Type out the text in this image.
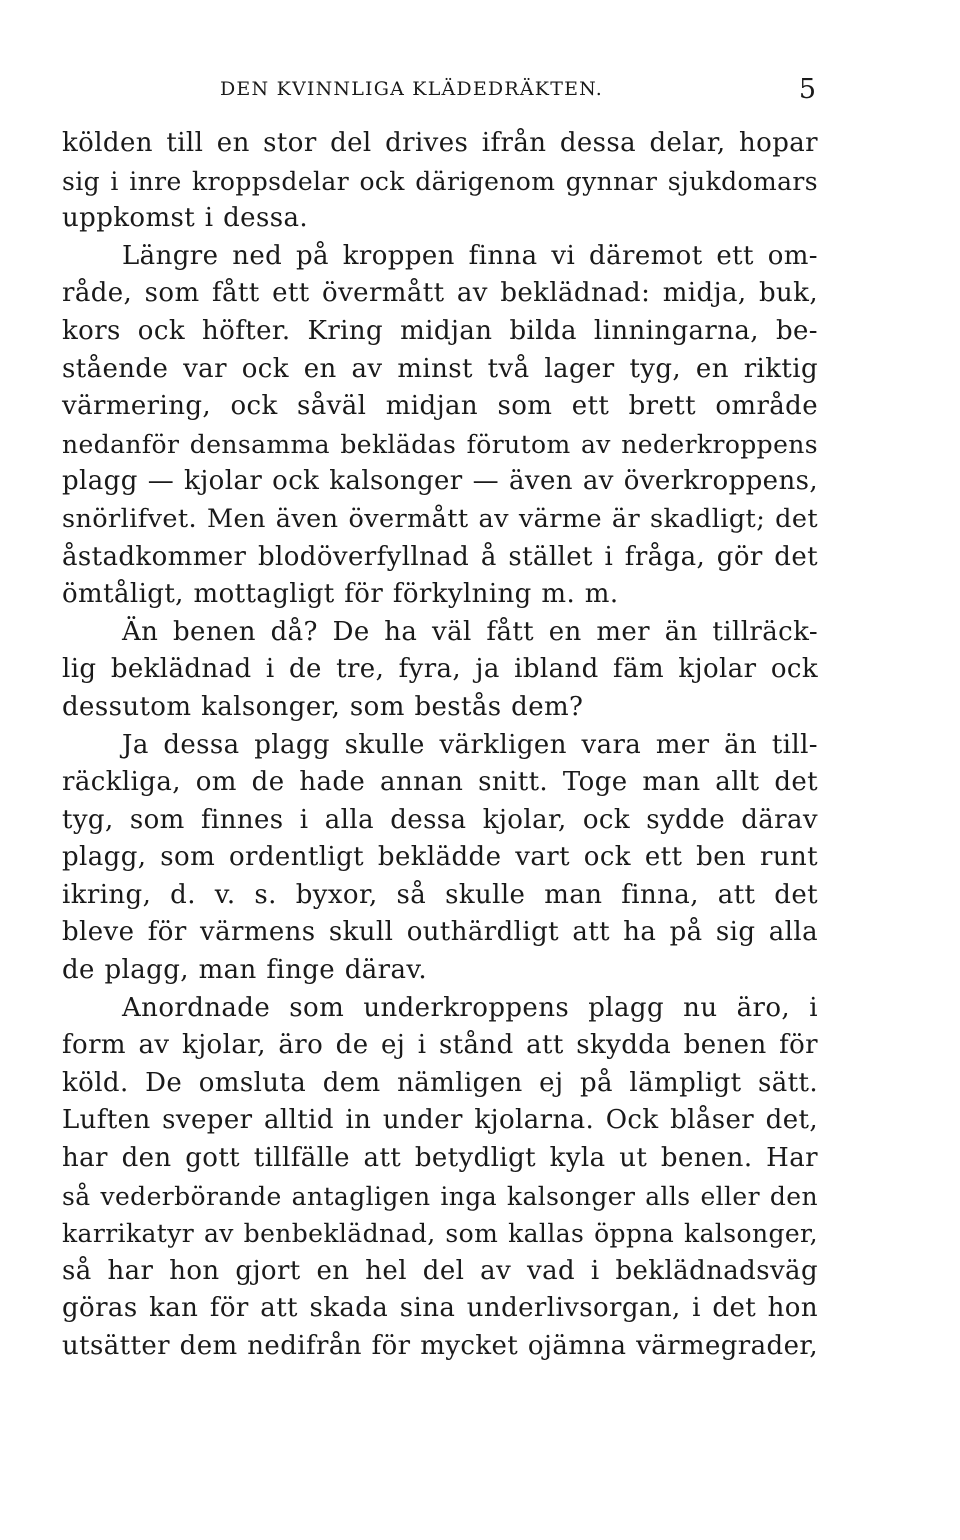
DEN KVINNLIGA KLÄDEDRÄKTEN.	5
kölden till en stor del drives ifrån dessa delar, hopar
sig i inre kroppsdelar ock därigenom gynnar sjukdomars
uppkomst i dessa.
Längre ned på kroppen finna vi däremot ett om-
råde, som fått ett övermått av beklädnad: midja, buk,
kors ock höfter. Kring midjan bilda linningarna, be-
stående var ock en av minst två lager tyg, en riktig
värmering, ock såväl midjan som ett brett område
nedanför densamma beklädas förutom av nederkroppens
plagg — kjolar ock kalsonger — även av överkroppens,
snörlifvet. Men även övermått av värme är skadligt; det
åstadkommer blodöverfyllnad å stället i fråga, gör det
ömtåligt, mottagligt för förkylning m. m.
Än benen då? De ha väl fått en mer än tillräck-
lig beklädnad i de tre, fyra, ja ibland fäm kjolar ock
dessutom kalsonger, som bestås dem?
Ja dessa plagg skulle värkligen vara mer än till-
räckliga, om de hade annan snitt. Toge man allt det
tyg, som finnes i alla dessa kjolar, ock sydde därav
plagg, som ordentligt beklädde vart ock ett ben runt
ikring, d. v. s. byxor, så skulle man finna, att det
bleve för värmens skull outhärdligt att ha på sig alla
de plagg, man finge därav.
Anordnade som underkroppens plagg nu äro, i
form av kjolar, äro de ej i stånd att skydda benen för
köld. De omsluta dem nämligen ej på lämpligt sätt.
Luften sveper alltid in under kjolarna. Ock blåser det,
har den gott tillfälle att betydligt kyla ut benen. Har
så vederbörande antagligen inga kalsonger alls eller den
karrikatyr av benbeklädnad, som kallas öppna kalsonger,
så har hon gjort en hel del av vad i beklädnadsväg
göras kan för att skada sina underlivsorgan, i det hon
utsätter dem nedifrån för mycket ojämna värmegrader,
